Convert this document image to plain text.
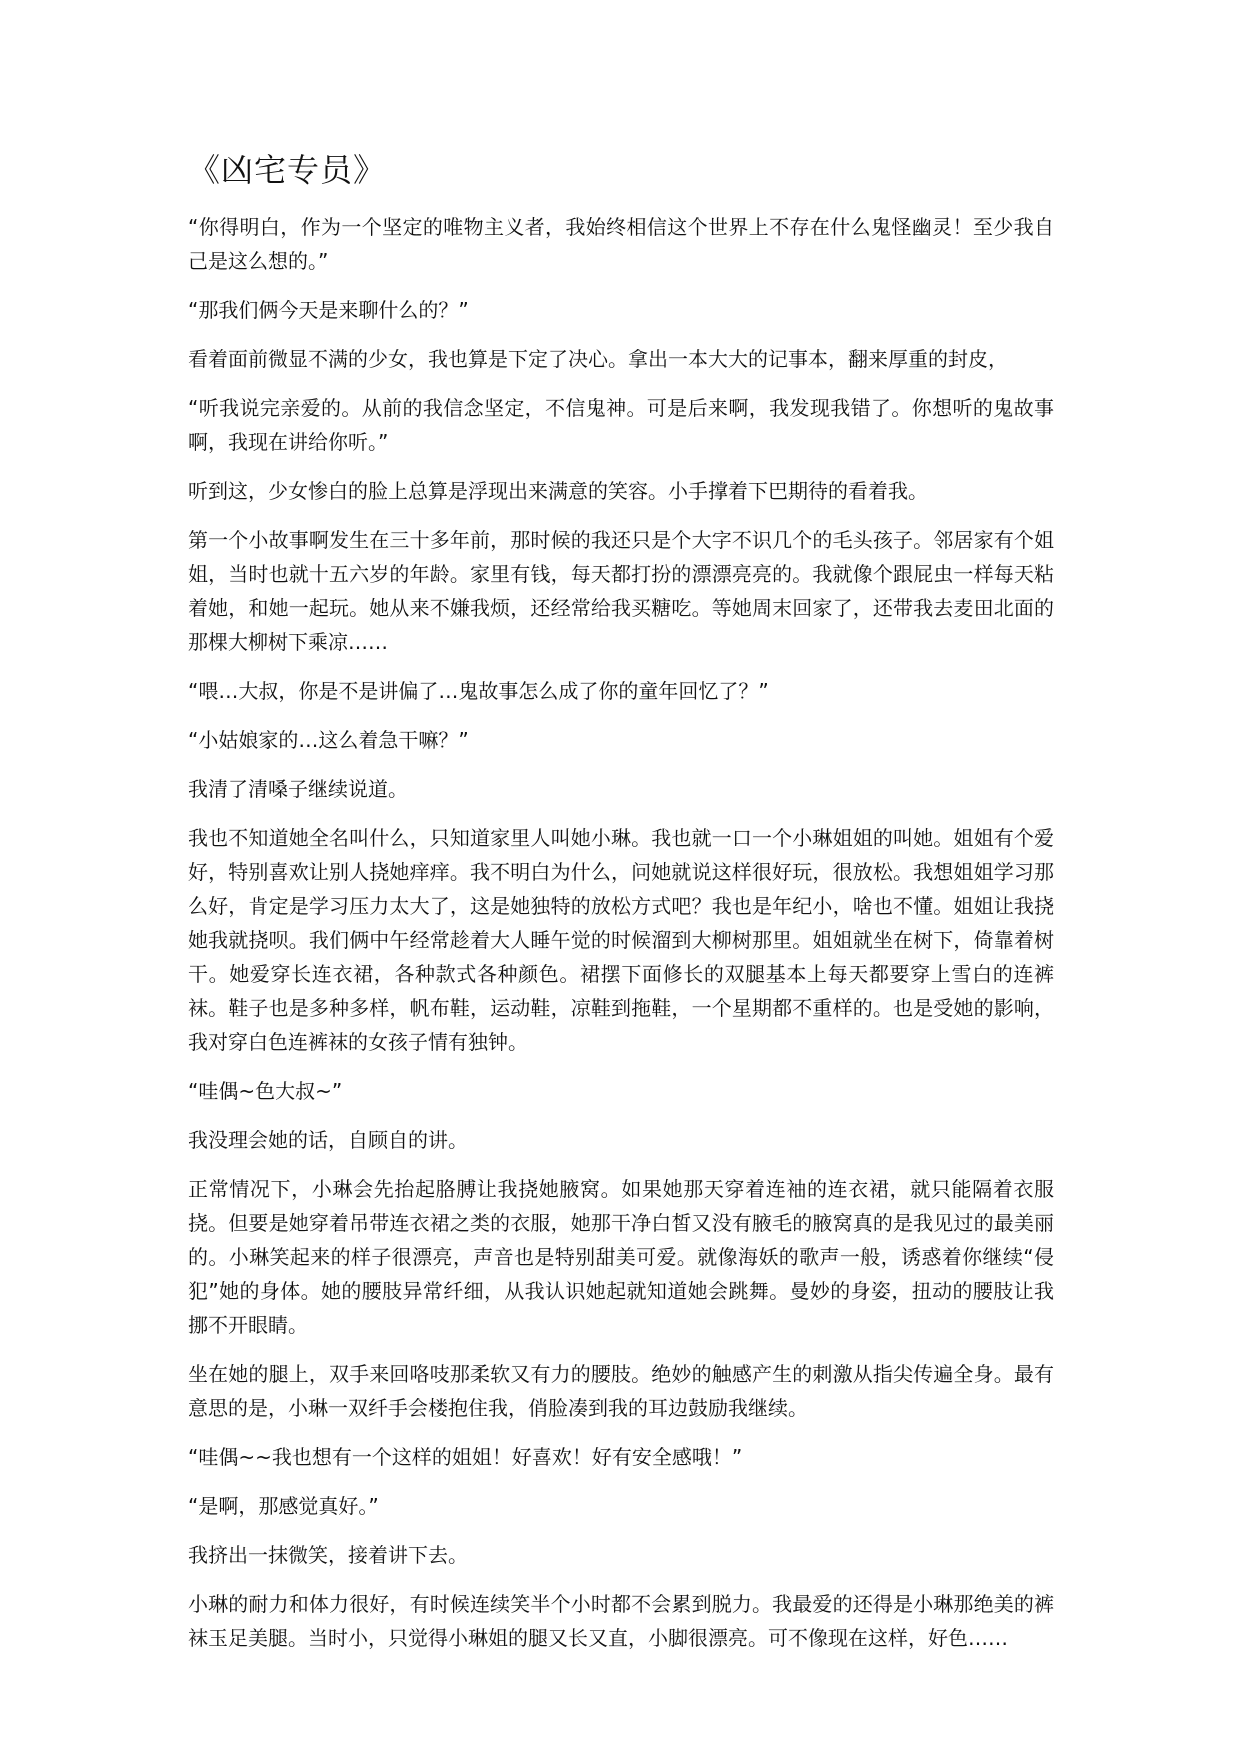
《凶宅专员》

“你得明白，作为一个坚定的唯物主义者，我始终相信这个世界上不存在什么鬼怪幽灵！至少我自己是这么想的。”

“那我们俩今天是来聊什么的？”

看着面前微显不满的少女，我也算是下定了决心。拿出一本大大的记事本，翻来厚重的封皮，

“听我说完亲爱的。从前的我信念坚定，不信鬼神。可是后来啊，我发现我错了。你想听的鬼故事啊，我现在讲给你听。”

听到这，少女惨白的脸上总算是浮现出来满意的笑容。小手撑着下巴期待的看着我。

第一个小故事啊发生在三十多年前，那时候的我还只是个大字不识几个的毛头孩子。邻居家有个姐姐，当时也就十五六岁的年龄。家里有钱，每天都打扮的漂漂亮亮的。我就像个跟屁虫一样每天粘着她，和她一起玩。她从来不嫌我烦，还经常给我买糖吃。等她周末回家了，还带我去麦田北面的那棵大柳树下乘凉……

“喂…大叔，你是不是讲偏了…鬼故事怎么成了你的童年回忆了？”

“小姑娘家的…这么着急干嘛？”

我清了清嗓子继续说道。

我也不知道她全名叫什么，只知道家里人叫她小琳。我也就一口一个小琳姐姐的叫她。姐姐有个爱好，特别喜欢让别人挠她痒痒。我不明白为什么，问她就说这样很好玩，很放松。我想姐姐学习那么好，肯定是学习压力太大了，这是她独特的放松方式吧？我也是年纪小，啥也不懂。姐姐让我挠她我就挠呗。我们俩中午经常趁着大人睡午觉的时候溜到大柳树那里。姐姐就坐在树下，倚靠着树干。她爱穿长连衣裙，各种款式各种颜色。裙摆下面修长的双腿基本上每天都要穿上雪白的连裤袜。鞋子也是多种多样，帆布鞋，运动鞋，凉鞋到拖鞋，一个星期都不重样的。也是受她的影响，我对穿白色连裤袜的女孩子情有独钟。

“哇偶~色大叔~”

我没理会她的话，自顾自的讲。

正常情况下，小琳会先抬起胳膊让我挠她腋窝。如果她那天穿着连袖的连衣裙，就只能隔着衣服挠。但要是她穿着吊带连衣裙之类的衣服，她那干净白皙又没有腋毛的腋窝真的是我见过的最美丽的。小琳笑起来的样子很漂亮，声音也是特别甜美可爱。就像海妖的歌声一般，诱惑着你继续“侵犯”她的身体。她的腰肢异常纤细，从我认识她起就知道她会跳舞。曼妙的身姿，扭动的腰肢让我挪不开眼睛。

坐在她的腿上，双手来回咯吱那柔软又有力的腰肢。绝妙的触感产生的刺激从指尖传遍全身。最有意思的是，小琳一双纤手会楼抱住我，俏脸凑到我的耳边鼓励我继续。

“哇偶~~我也想有一个这样的姐姐！好喜欢！好有安全感哦！”

“是啊，那感觉真好。”

我挤出一抹微笑，接着讲下去。

小琳的耐力和体力很好，有时候连续笑半个小时都不会累到脱力。我最爱的还得是小琳那绝美的裤袜玉足美腿。当时小，只觉得小琳姐的腿又长又直，小脚很漂亮。可不像现在这样，好色……
